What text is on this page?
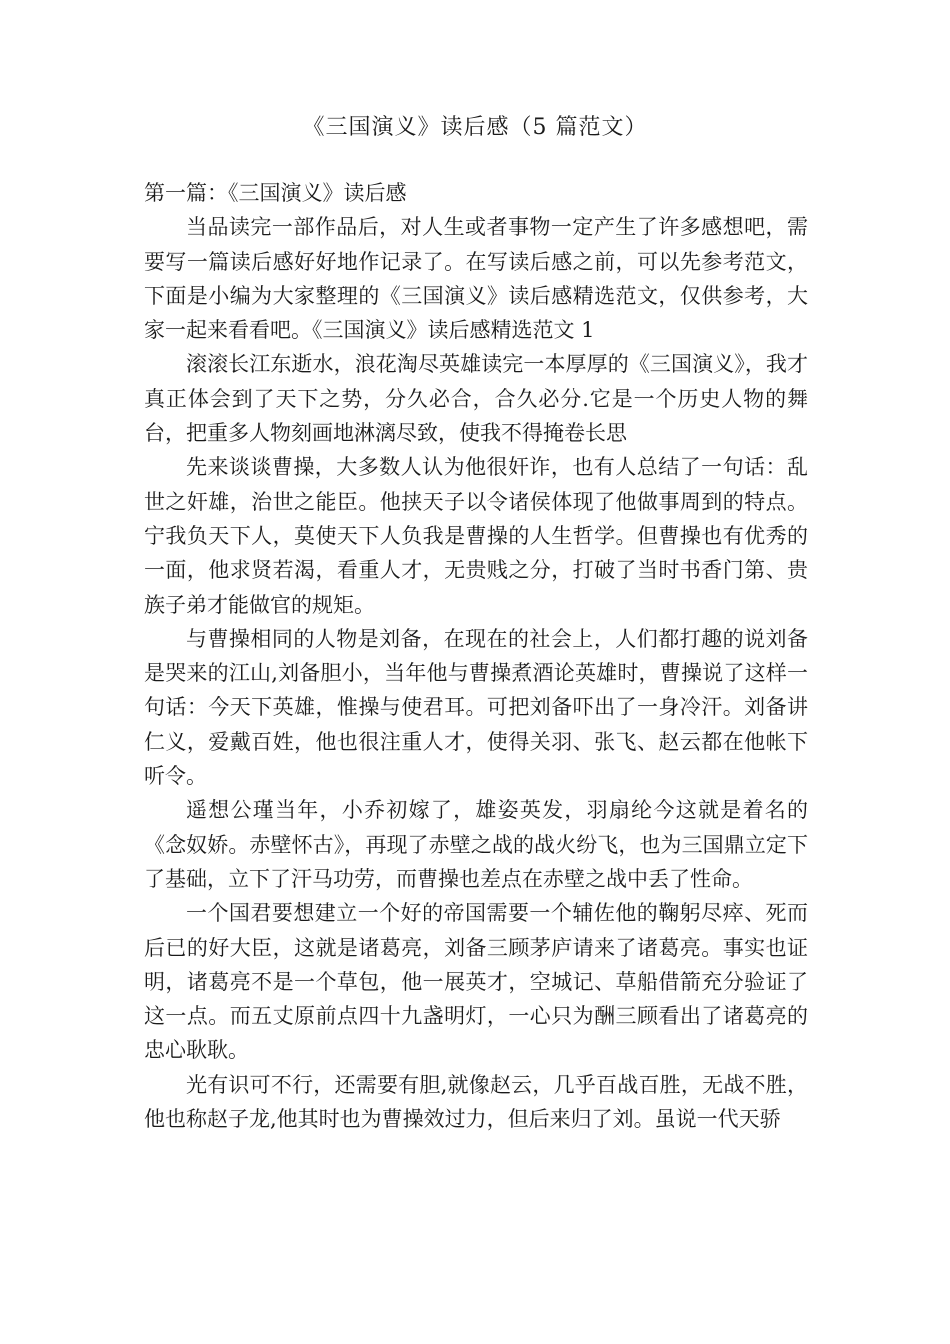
《三国演义》读后感（5 篇范文）
第一篇：《三国演义》读后感

当品读完一部作品后，对人生或者事物一定产生了许多感想吧，需要写一篇读后感好好地作记录了。在写读后感之前，可以先参考范文，下面是小编为大家整理的《三国演义》读后感精选范文，仅供参考，大家一起来看看吧。《三国演义》读后感精选范文 1

滚滚长江东逝水，浪花淘尽英雄读完一本厚厚的《三国演义》，我才真正体会到了天下之势，分久必合，合久必分.它是一个历史人物的舞台，把重多人物刻画地淋漓尽致，使我不得掩卷长思

先来谈谈曹操，大多数人认为他很奸诈，也有人总结了一句话：乱世之奸雄，治世之能臣。他挟天子以令诸侯体现了他做事周到的特点。宁我负天下人，莫使天下人负我是曹操的人生哲学。但曹操也有优秀的一面，他求贤若渴，看重人才，无贵贱之分，打破了当时书香门第、贵族子弟才能做官的规矩。

与曹操相同的人物是刘备，在现在的社会上，人们都打趣的说刘备是哭来的江山,刘备胆小，当年他与曹操煮酒论英雄时，曹操说了这样一句话：今天下英雄，惟操与使君耳。可把刘备吓出了一身冷汗。刘备讲仁义，爱戴百姓，他也很注重人才，使得关羽、张飞、赵云都在他帐下听令。

遥想公瑾当年，小乔初嫁了，雄姿英发，羽扇纶今这就是着名的《念奴娇。赤壁怀古》，再现了赤壁之战的战火纷飞，也为三国鼎立定下了基础，立下了汗马功劳，而曹操也差点在赤壁之战中丢了性命。

一个国君要想建立一个好的帝国需要一个辅佐他的鞠躬尽瘁、死而后已的好大臣，这就是诸葛亮，刘备三顾茅庐请来了诸葛亮。事实也证明，诸葛亮不是一个草包，他一展英才，空城记、草船借箭充分验证了这一点。而五丈原前点四十九盏明灯，一心只为酬三顾看出了诸葛亮的忠心耿耿。

光有识可不行，还需要有胆,就像赵云，几乎百战百胜，无战不胜，他也称赵子龙,他其时也为曹操效过力，但后来归了刘。虽说一代天骄
